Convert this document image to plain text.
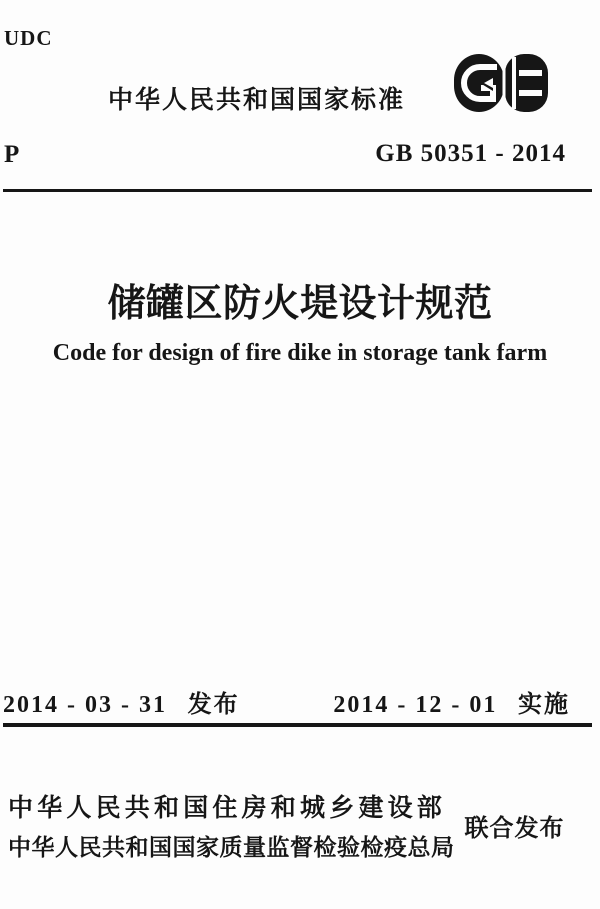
UDC
中华人民共和国国家标准
P	GB 50351 - 2014
储罐区防火堤设计规范
Code for design of fire dike in storage tank farm
2014 - 03 - 31 发布	2014 - 12 - 01 实施
中华人民共和国住房和城乡建设部
中华人民共和国国家质量监督检验检疫总局
联合发布
